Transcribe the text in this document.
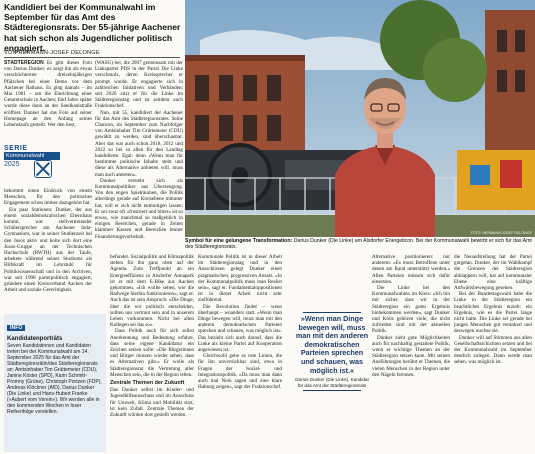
Kandidiert bei der Kommunalwahl im September für das Amt des Städteregionsrats. Der 55-jährige Aachener hat sich schon als Jugendlicher politisch engagiert.
VON HERMANN-JOSEF DELONGE

STÄDTEREGION Es gibt dieses Foto von Darius Dunker: es zeigt ihn als etwas verschüchterten dreizehnjährigen Pfälzchen bei einer Demo vor dem Aachener Rathaus. Es ging damals – im Mai 1981 – um die Einrichtung einer Gesamtschule in Aachen; fünf Jahre später wurde diese dann an der Sandkaulstraße eröffnet. Dunker hat das Foto auf seiner Homepage an den Anfang seines Lebenslaufs gestellt. Wer den liest,

SERIE
Kommunalwahl
2025

bekommt einen Eindruck von einem Menschen, für den politisches Engagement schon immer dazugehört hat.

Ein paar Stationen: Dunker, der aus einem sozialdemokratischen Elternhaus kommt, war stellvertretender Schülersprecher am Aachener Inda-Gymnasium, war in seiner Studienzeit bei den Jusos aktiv und holte sich dort eine Jusos-Gruppe an der Technischen Hochschule (RWTH) aus der Taufe, arbeitete während seines Studiums als Hilfskraft im Lehrstuhl für Politikwissenschaft und in den Archiven, war seit 1998 parteipolitisch engagiert, gründete einen Kreisverband Aachen der Arbeit und soziale Gerechtigkeit.

(WASG) bei, die 2007 gemeinsam mit der Linkspartei PDS in der Partei Die Linke verschmolz, deren Kreissprecher er prompt wurde. Er engagierte sich in zahlreichen Initiativen und Verbänden; seit 2020 sitzt er für die Linke im Städteregionstag und ist seitdem auch Fraktionschef.

Nun, mit 55, kandidiert der Aachener für das Amt des Städteregionsrates. Seine Chancen, im September zum Nachfolger von Amtsinhaber Tim Grüttemeier (CDU) gewählt zu werden, sind überschaubar. Aber das war auch schon 2018, 2012 und 2022 so bei so allen für den Landtag kandidierte. Egal: denn »Wenn man für bestimmte politische Inhalte steht und diese als Alternative anbieten will, muss man auch antreten«.

Dunker versteht sich als Kommunalpolitiker aus Überzeugung. Von den engen Spielräumen, die Politik allerdings gerade auf Kreisebene mitunter hat, will er sich nicht entmutigen lassen: Er sei zwar oft »frustriert und bitter« ist so etwas, wie manchmal so maßgeblich in einigen Bereichen, gerade in Zeiten klammer Kassen und Bereichen immer Finanzierungsvorbehalt.

FOTO: HERMANN-JOSEF DELONGE
Symbol für eine gelungene Transformation: Darius Dunker (Die Linke) am Alsdorfer Energeticon. Bei der Kommunalwahl bewirbt er sich für das Amt des Städteregionsrats.
INFO
Kandidatenporträts
Seven Kandidatinnen und Kandidaten treten bei der Kommunalwahl am 14. September 2025 für das Amt der Städteregionsrätin/des Städteregionsrats an: Amtsinhaber Tim Grüttemeier (CDU), Janine Köster (SPD), Karin Schmitt-Promny (Grüne), Christoph Portzen (FDP), Andreas Klöckner (AfD), Darius Dunker (Die Linke) und Hans-Hubert Franke (»Aubert vom Verein«). Wir werden alle in den kommenden Wochen in loser Reihenfolge vorstellen.

befundet. Sozialpolitik und Klimapolitik stehen für ihn ganz oben auf der Agenda. Zum Treffpunkt an ein Energieeffizienz in Alsdorfer Annapark ist er mit dem E-Bike aus Aachen gekommen. »Ich wollte sehen, wie die Radwege hierhin funktionieren«, sagt er. Auch das ist sein Anspruch: »Die Dinge, über die wir politisch entscheiden, sollten uns vertraut sein und in unserem Leben vorkommen. Nicht bei allen Kollegen sei das so«.

Dass Politik auch für sich selbst Anerkennung und Bedeutung erfahre, dass seine eigene Kandidatur ein Zeichen setzen solle: »Die Bürgerinnen und Bürger müssen wieder sehen, dass es Alternativen gibt.« Er wolle als Städteregionsrat die Vertretung aller Menschen sein, die in der Region leben.

Zentrale Themen der Zukunft

Das Dunker selbst im Kinder- und Jugendhilfeausschuss und im Ausschuss für Umwelt, Klima und Mobilität sitzt, ist kein Zufall. Zentrale Themen der Zukunft würden dort gestellt werden.

Kommunale Politik ist in dieser Arbeit im Städteregionstag und in den Ausschüssen gelegt Dunker einen pragmatischen, progressiven Ansatz. »In der Kommunalpolitik muss man Realist sein«, sagt er. Fundamentaloppositionen ist in dieser Arbeit nicht sehr zielführend.

Die Revolution findet – wenn überhaupt – woanders statt. »Wenn man Dinge bewegen will, muss man mit den anderen demokratischen Parteien sprechen und schauen, was möglich ist«. Das bezieht sich auch darauf, dass die Linke als kleine Partei auf Kooperation angewiesen ist.

Gleichwohl gebe es rote Linien, die für ihn unverrückbar sind, etwa in Fragen der Sozial- und Integrationspolitik. »Da muss man dann auch mal Nein sagen und eine klare Haltung zeigen«, sagt der Fraktionschef.

»Wenn man Dinge bewegen will, muss man mit den anderen demokratischen Parteien sprechen und schauen, was möglich ist.«
Darius Dunker (Die Linke), Kandidat für das Amt der Städteregionsrats

Alternative positionieren: nur anderem: »Es muss Betroffene unter denen am Rand unterstützt werden.« Allen Parteien müssen sich dafür einsetzen.

Die Linke bei den Kommunalwahlen im Kreis: »Ich bin mir sicher, dass wir in der Städteregion ein gutes Ergebnis hinbekommen werden«, sagt Dunker und Kreis gehören viele, die nicht zufrieden sind mit der aktuellen Politik.

Dunker sieht gute Möglichkeiten auch für nachhaltig gestaltete Politik, wenn er wichtige Themen an der Städteregion setzen kann. Mit seinen Ausführungen berührt er Themen, die vielen Menschen in der Region unter den Nägeln brennen.

die Neuaufstellung hat der Partei gutgetan. Dunker, der im Wahlkampf die Grenzen der Städteregion abklappern will, hat auf kommunaler Ebene eine kräftige Aufwärtsbewegung gesehen.

Bei der Bundestagswahl habe die Linke in der Städteregion ein beachtliches Ergebnis erzielt: ein Ergebnis, wie es die Partei lange nicht hatte. Die Linke sei gerade bei jungen Menschen gut verankert und deswegen wachse sie.

Dunker will auf Stimmen aus allen Gesellschaftsschichten setzen und bei der Kommunalwahl im September deutlich zulegen. Dann werde man sehen, was möglich ist.
